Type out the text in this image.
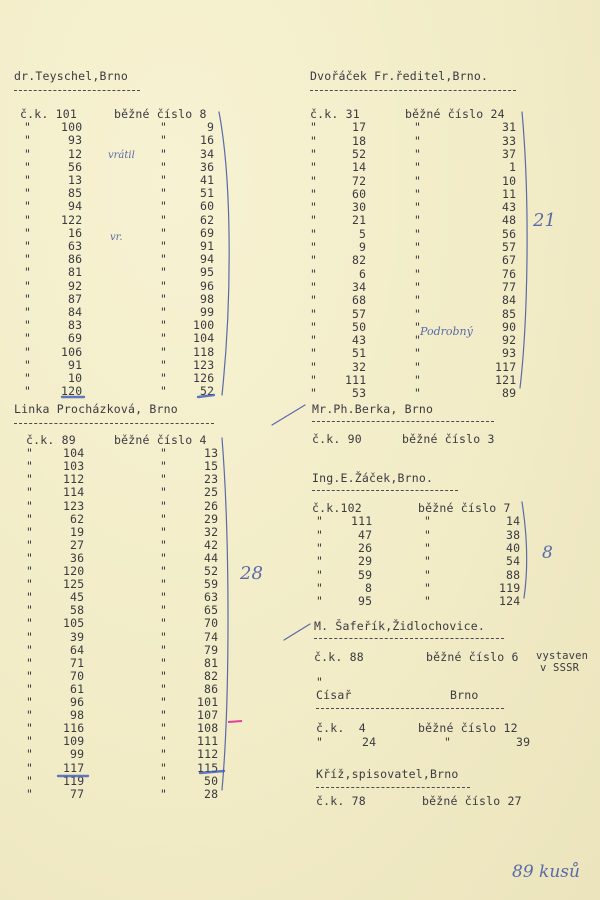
dr.Teyschel,Brno
č.k. 101	běžné číslo 8
"	100	"	9
"	93	"	16
"	12	"	34
"	56	"	36
"	13	"	41
"	85	"	51
"	94	"	60
"	122	"	62
"	16	"	69
"	63	"	91
"	86	"	94
"	81	"	95
"	92	"	96
"	87	"	98
"	84	"	99
"	83	" 100
"	69	" 104
"	106	" 118
"	91	" 123
"	10	" 126
"	120	"	52
Linka Procházková, Brno
č.k. 89	běžné číslo 4
"	104	"	13
"	103	"	15
"	112	"	23
"	114	"	25
"	123	"	26
"	62	"	29
"	19	"	32
"	27	"	42
"	36	"	44
"	120	"	52
"	125	"	59
"	45	"	63
"	58	"	65
"	105	"	70
"	39	"	74
"	64	"	79
"	71	"	81
"	70	"	82
"	61	"	86
"	96	"	101
"	98	"	107
"	116	"	108
"	109	"	111
"	99	"	112
"	117	"	115
"	119	"	50
"	77	"	28
Dvořáček Fr.ředitel,Brno.
č.k. 31	běžné číslo 24
"	17	"	31
"	18	"	33
"	52	"	37
"	14	"	1
"	72	"	10
"	60	"	11
"	30	"	43
"	21	"	48
"	5	"	56
"	9	"	57
"	82	"	67
"	6	"	76
"	34	"	77
"	68	"	84
"	57	"	85
"	50	"	90
"	43	"	92
"	51	"	93
"	32	"	117
" 111	"	121
"	53	"	89
Mr.Ph.Berka, Brno
č.k. 90	běžné číslo 3
Ing.E.Žáček,Brno.
č.k.102	běžné číslo 7
" 111	"	14
"	47	"	38
"	26	"	40
"	29	"	54
"	59	"	88
"	8	"	119
"	95	"	124
M. Šafeřík,Židlochovice.
č.k. 88	běžné číslo 6 vystaven
v SSSR
"
Císař	Brno
č.k.  4	běžné číslo 12
"	24	"	39
Kříž,spisovatel,Brno
č.k. 78	běžné číslo 27
vrátil
vr.
Podrobný
21
28
8
89 kusů
